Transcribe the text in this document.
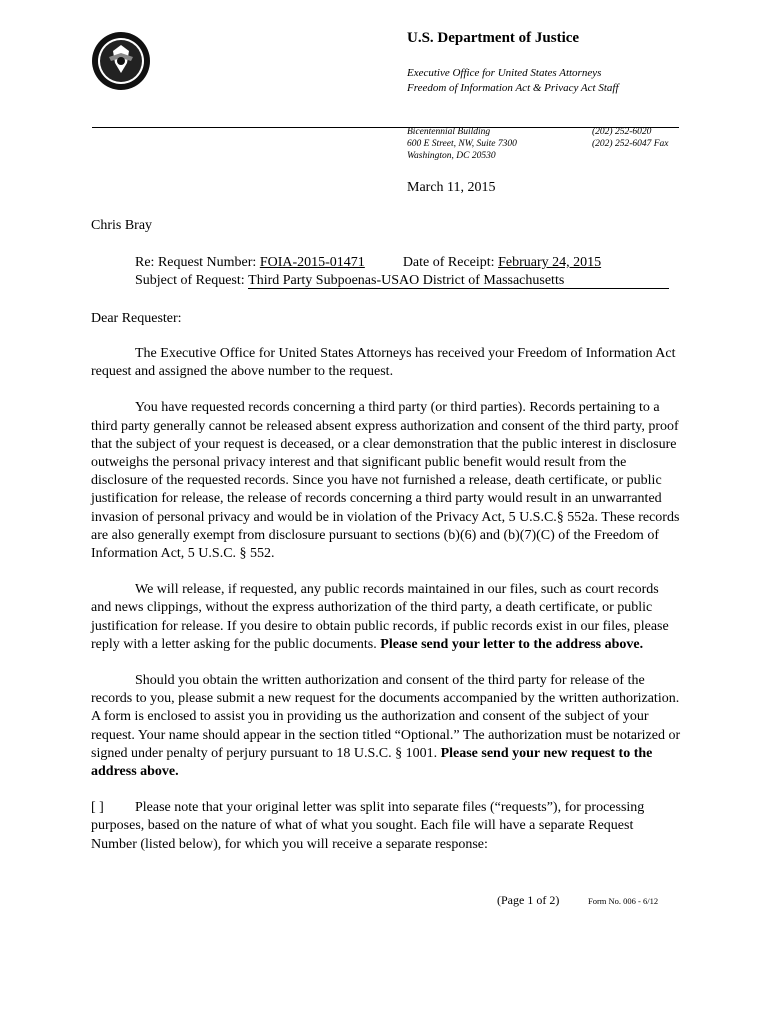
U.S. Department of Justice
Executive Office for United States Attorneys
Freedom of Information Act & Privacy Act Staff
Bicentennial Building
600 E Street, NW, Suite 7300
Washington, DC 20530
(202) 252-6020
(202) 252-6047 Fax
March 11, 2015
Chris Bray
Re: Request Number: FOIA-2015-01471	Date of Receipt: February 24, 2015
Subject of Request: Third Party Subpoenas-USAO District of Massachusetts
Dear Requester:

The Executive Office for United States Attorneys has received your Freedom of Information Act request and assigned the above number to the request.

You have requested records concerning a third party (or third parties). Records pertaining to a third party generally cannot be released absent express authorization and consent of the third party, proof that the subject of your request is deceased, or a clear demonstration that the public interest in disclosure outweighs the personal privacy interest and that significant public benefit would result from the disclosure of the requested records. Since you have not furnished a release, death certificate, or public justification for release, the release of records concerning a third party would result in an unwarranted invasion of personal privacy and would be in violation of the Privacy Act, 5 U.S.C.§ 552a. These records are also generally exempt from disclosure pursuant to sections (b)(6) and (b)(7)(C) of the Freedom of Information Act, 5 U.S.C. § 552.

We will release, if requested, any public records maintained in our files, such as court records and news clippings, without the express authorization of the third party, a death certificate, or public justification for release. If you desire to obtain public records, if public records exist in our files, please reply with a letter asking for the public documents. Please send your letter to the address above.

Should you obtain the written authorization and consent of the third party for release of the records to you, please submit a new request for the documents accompanied by the written authorization. A form is enclosed to assist you in providing us the authorization and consent of the subject of your request. Your name should appear in the section titled “Optional.” The authorization must be notarized or signed under penalty of perjury pursuant to 18 U.S.C. § 1001. Please send your new request to the address above.

[ ] Please note that your original letter was split into separate files (“requests”), for processing purposes, based on the nature of what of what you sought. Each file will have a separate Request Number (listed below), for which you will receive a separate response:

(Page 1 of 2)	Form No. 006 - 6/12
